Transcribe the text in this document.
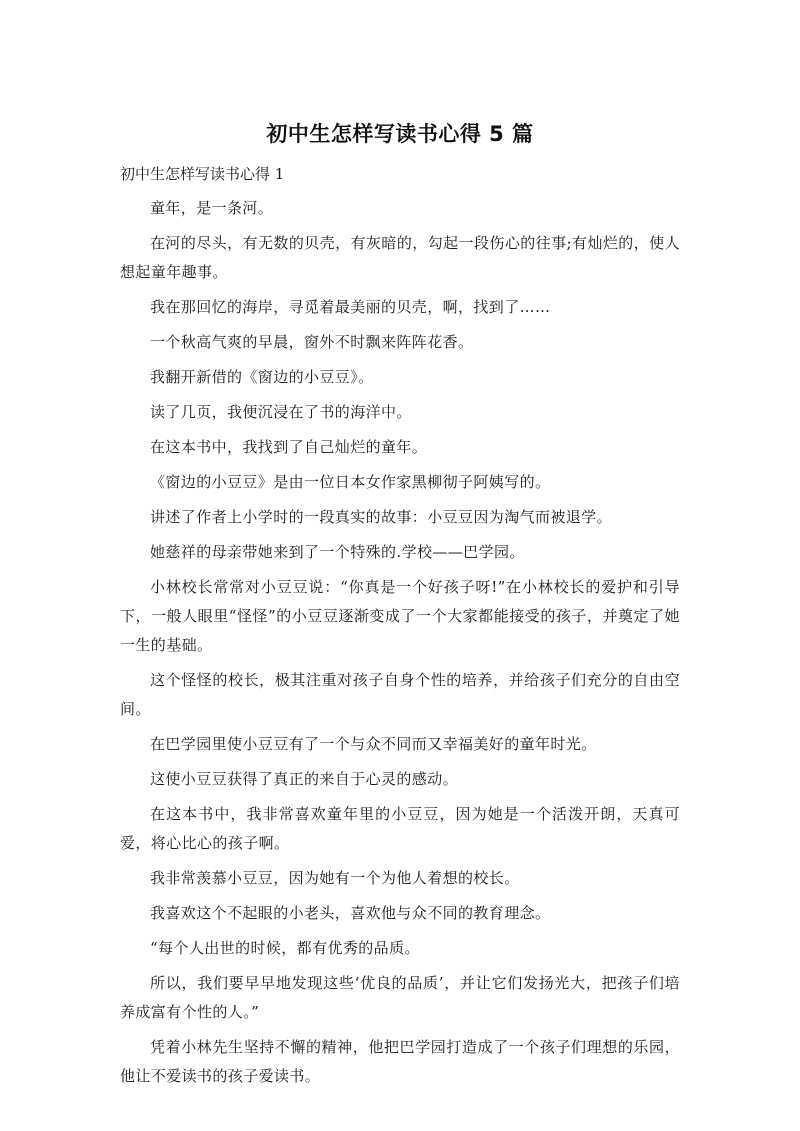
初中生怎样写读书心得 5 篇
初中生怎样写读书心得 1

童年，是一条河。

在河的尽头，有无数的贝壳，有灰暗的，勾起一段伤心的往事;有灿烂的，使人想起童年趣事。

我在那回忆的海岸，寻觅着最美丽的贝壳，啊，找到了……

一个秋高气爽的早晨，窗外不时飘来阵阵花香。

我翻开新借的《窗边的小豆豆》。

读了几页，我便沉浸在了书的海洋中。

在这本书中，我找到了自己灿烂的童年。

《窗边的小豆豆》是由一位日本女作家黑柳彻子阿姨写的。

讲述了作者上小学时的一段真实的故事：小豆豆因为淘气而被退学。

她慈祥的母亲带她来到了一个特殊的.学校——巴学园。

小林校长常常对小豆豆说：“你真是一个好孩子呀!”在小林校长的爱护和引导下，一般人眼里“怪怪”的小豆豆逐渐变成了一个大家都能接受的孩子，并奠定了她一生的基础。

这个怪怪的校长，极其注重对孩子自身个性的培养，并给孩子们充分的自由空间。

在巴学园里使小豆豆有了一个与众不同而又幸福美好的童年时光。

这使小豆豆获得了真正的来自于心灵的感动。

在这本书中，我非常喜欢童年里的小豆豆，因为她是一个活泼开朗，天真可爱，将心比心的孩子啊。

我非常羡慕小豆豆，因为她有一个为他人着想的校长。

我喜欢这个不起眼的小老头，喜欢他与众不同的教育理念。

“每个人出世的时候，都有优秀的品质。

所以，我们要早早地发现这些‘优良的品质’，并让它们发扬光大，把孩子们培养成富有个性的人。”

凭着小林先生坚持不懈的精神，他把巴学园打造成了一个孩子们理想的乐园，他让不爱读书的孩子爱读书。
